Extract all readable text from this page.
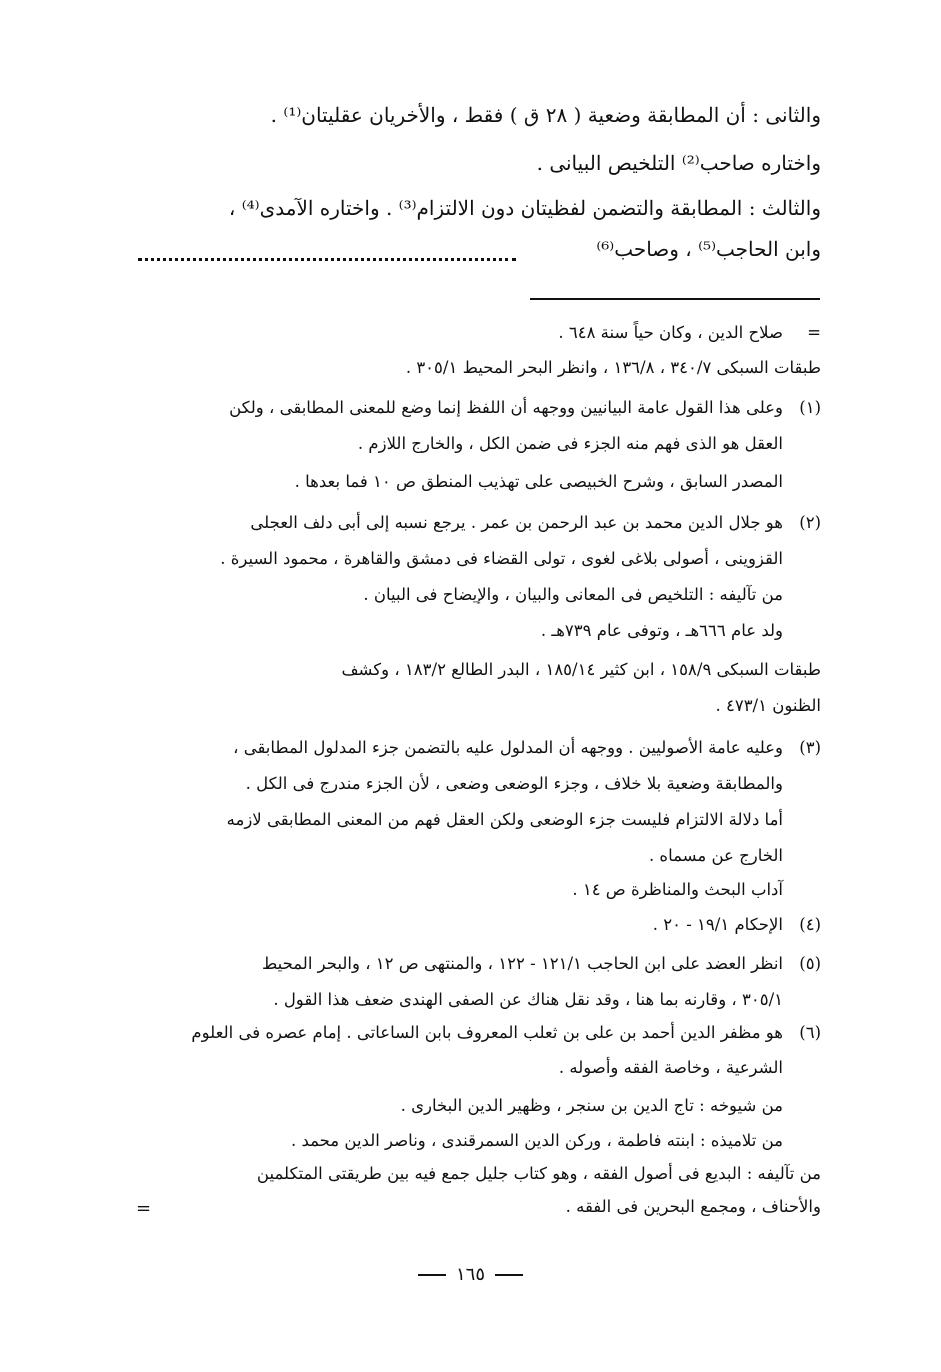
والثانى : أن المطابقة وضعية ( ٢٨ ق ) فقط ، والأخريان عقليتان⁽¹⁾ .
واختاره صاحب⁽²⁾ التلخيص البيانى .
والثالث : المطابقة والتضمن لفظيتان دون الالتزام⁽³⁾ . واختاره الآمدى⁽⁴⁾ ،
وابن الحاجب⁽⁵⁾ ، وصاحب⁽⁶⁾
=
صلاح الدين ، وكان حياً سنة ٦٤٨ .
طبقات السبكى ٣٤٠/٧ ، ١٣٦/٨ ، وانظر البحر المحيط ٣٠٥/١ .
(١)
وعلى هذا القول عامة البيانيين ووجهه أن اللفظ إنما وضع للمعنى المطابقى ، ولكن
العقل هو الذى فهم منه الجزء فى ضمن الكل ، والخارج اللازم .
المصدر السابق ، وشرح الخبيصى على تهذيب المنطق ص ١٠ فما بعدها .
(٢)
هو جلال الدين محمد بن عبد الرحمن بن عمر . يرجع نسبه إلى أبى دلف العجلى
القزوينى ، أصولى بلاغى لغوى ، تولى القضاء فى دمشق والقاهرة ، محمود السيرة .
من تآليفه : التلخيص فى المعانى والبيان ، والإيضاح فى البيان .
ولد عام ٦٦٦هـ ، وتوفى عام ٧٣٩هـ .
طبقات السبكى ١٥٨/٩ ، ابن كثير ١٨٥/١٤ ، البدر الطالع ١٨٣/٢ ، وكشف
الظنون ٤٧٣/١ .
(٣)
وعليه عامة الأصوليين . ووجهه أن المدلول عليه بالتضمن جزء المدلول المطابقى ،
والمطابقة وضعية بلا خلاف ، وجزء الوضعى وضعى ، لأن الجزء مندرج فى الكل .
أما دلالة الالتزام فليست جزء الوضعى ولكن العقل فهم من المعنى المطابقى لازمه
الخارج عن مسماه .
آداب البحث والمناظرة ص ١٤ .
(٤)
الإحكام ١٩/١ - ٢٠ .
(٥)
انظر العضد على ابن الحاجب ١٢١/١ - ١٢٢ ، والمنتهى ص ١٢ ، والبحر المحيط
٣٠٥/١ ، وقارنه بما هنا ، وقد نقل هناك عن الصفى الهندى ضعف هذا القول .
(٦)
هو مظفر الدين أحمد بن على بن ثعلب المعروف بابن الساعاتى . إمام عصره فى العلوم
الشرعية ، وخاصة الفقه وأصوله .
من شيوخه : تاج الدين بن سنجر ، وظهير الدين البخارى .
من تلاميذه : ابنته فاطمة ، وركن الدين السمرقندى ، وناصر الدين محمد .
من تآليفه : البديع فى أصول الفقه ، وهو كتاب جليل جمع فيه بين طريقتى المتكلمين
والأحناف ، ومجمع البحرين فى الفقه .
=
١٦٥
